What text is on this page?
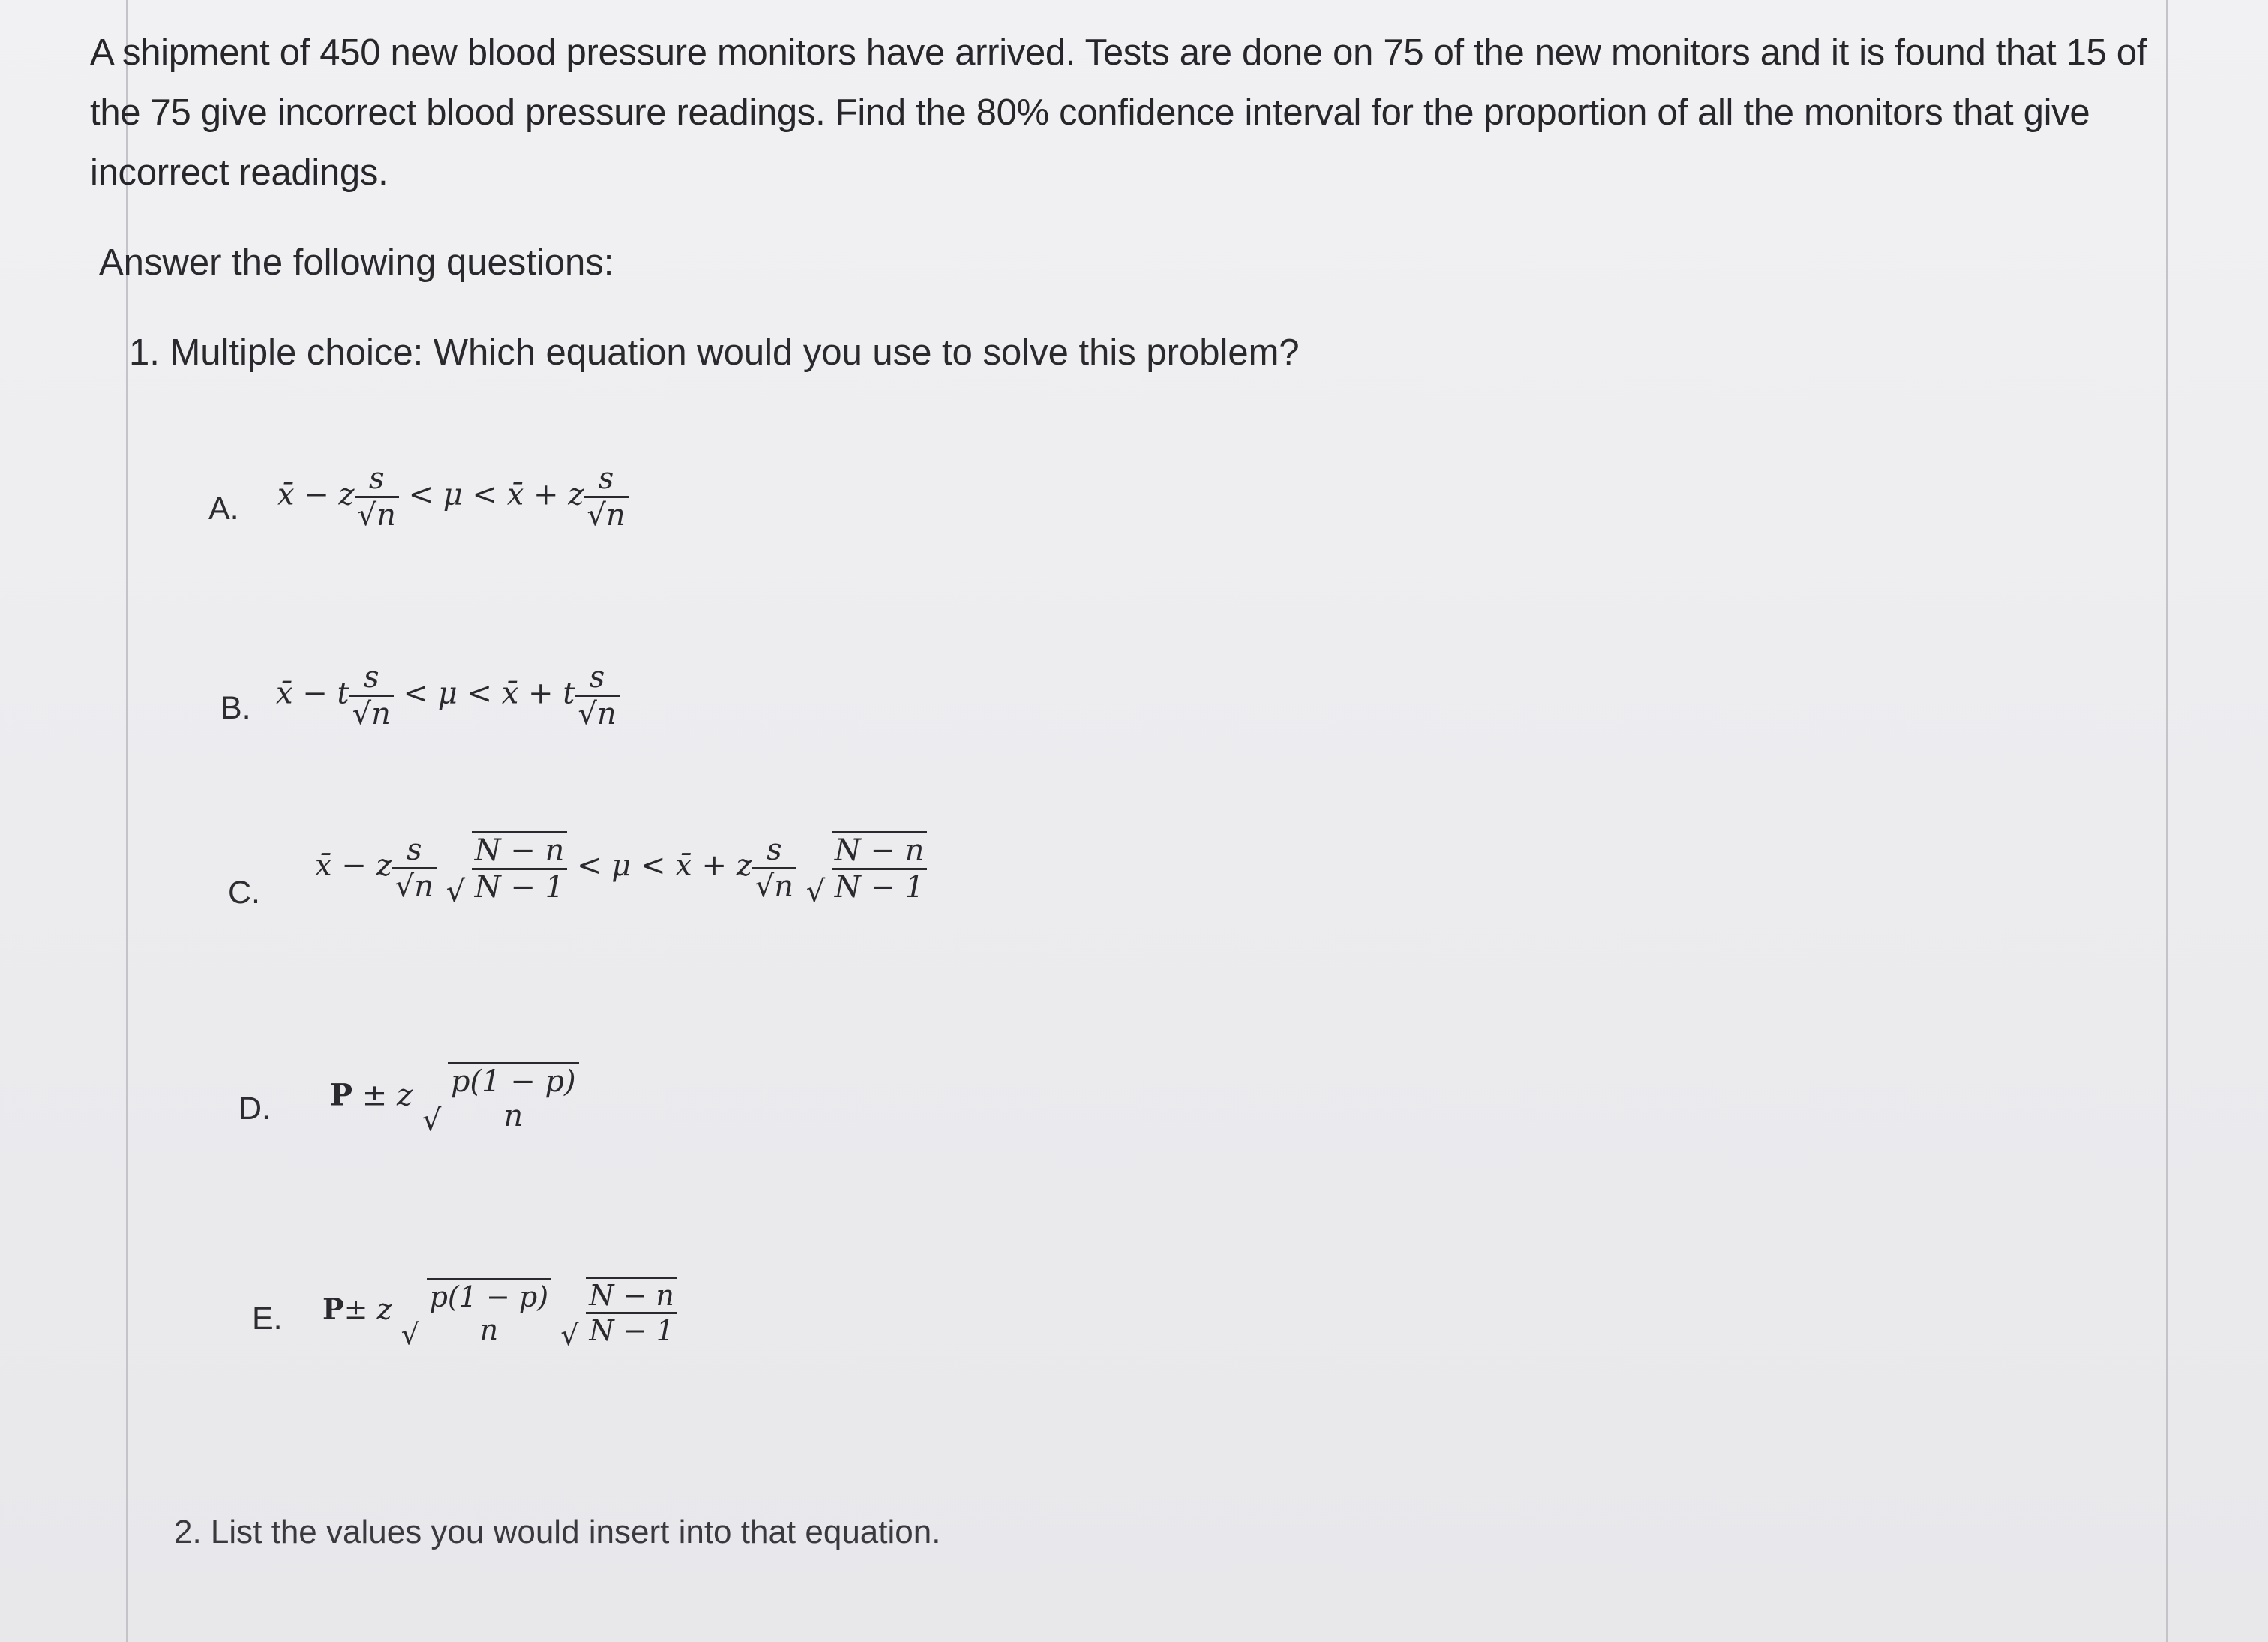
A shipment of 450 new blood pressure monitors have arrived. Tests are done on 75 of the new monitors and it is found that 15 of the 75 give incorrect blood pressure readings. Find the 80% confidence interval for the proportion of all the monitors that give incorrect readings.
Answer the following questions:
1. Multiple choice: Which equation would you use to solve this problem?
A. x̄ − z $\frac{s}{√n} < \mu$ < x̄ + z $\frac{s}{√n}$
B. x̄ − t $\frac{s}{√n} < \mu$ < x̄ + t $\frac{s}{√n}$
C.
x̄ − z $\frac{s}{√n}$
√ $\frac{N - n}{N - 1} < \mu$ < x̄ + z $\frac{s}{√n}$
√ $\frac{N - n}{N - 1}$
D. P ± z
√
p(1 − p)
n
E. P± z
√
p(1 − p)
n
	√ $\frac{N - n}{N - 1}$
2. List the values you would insert into that equation.
